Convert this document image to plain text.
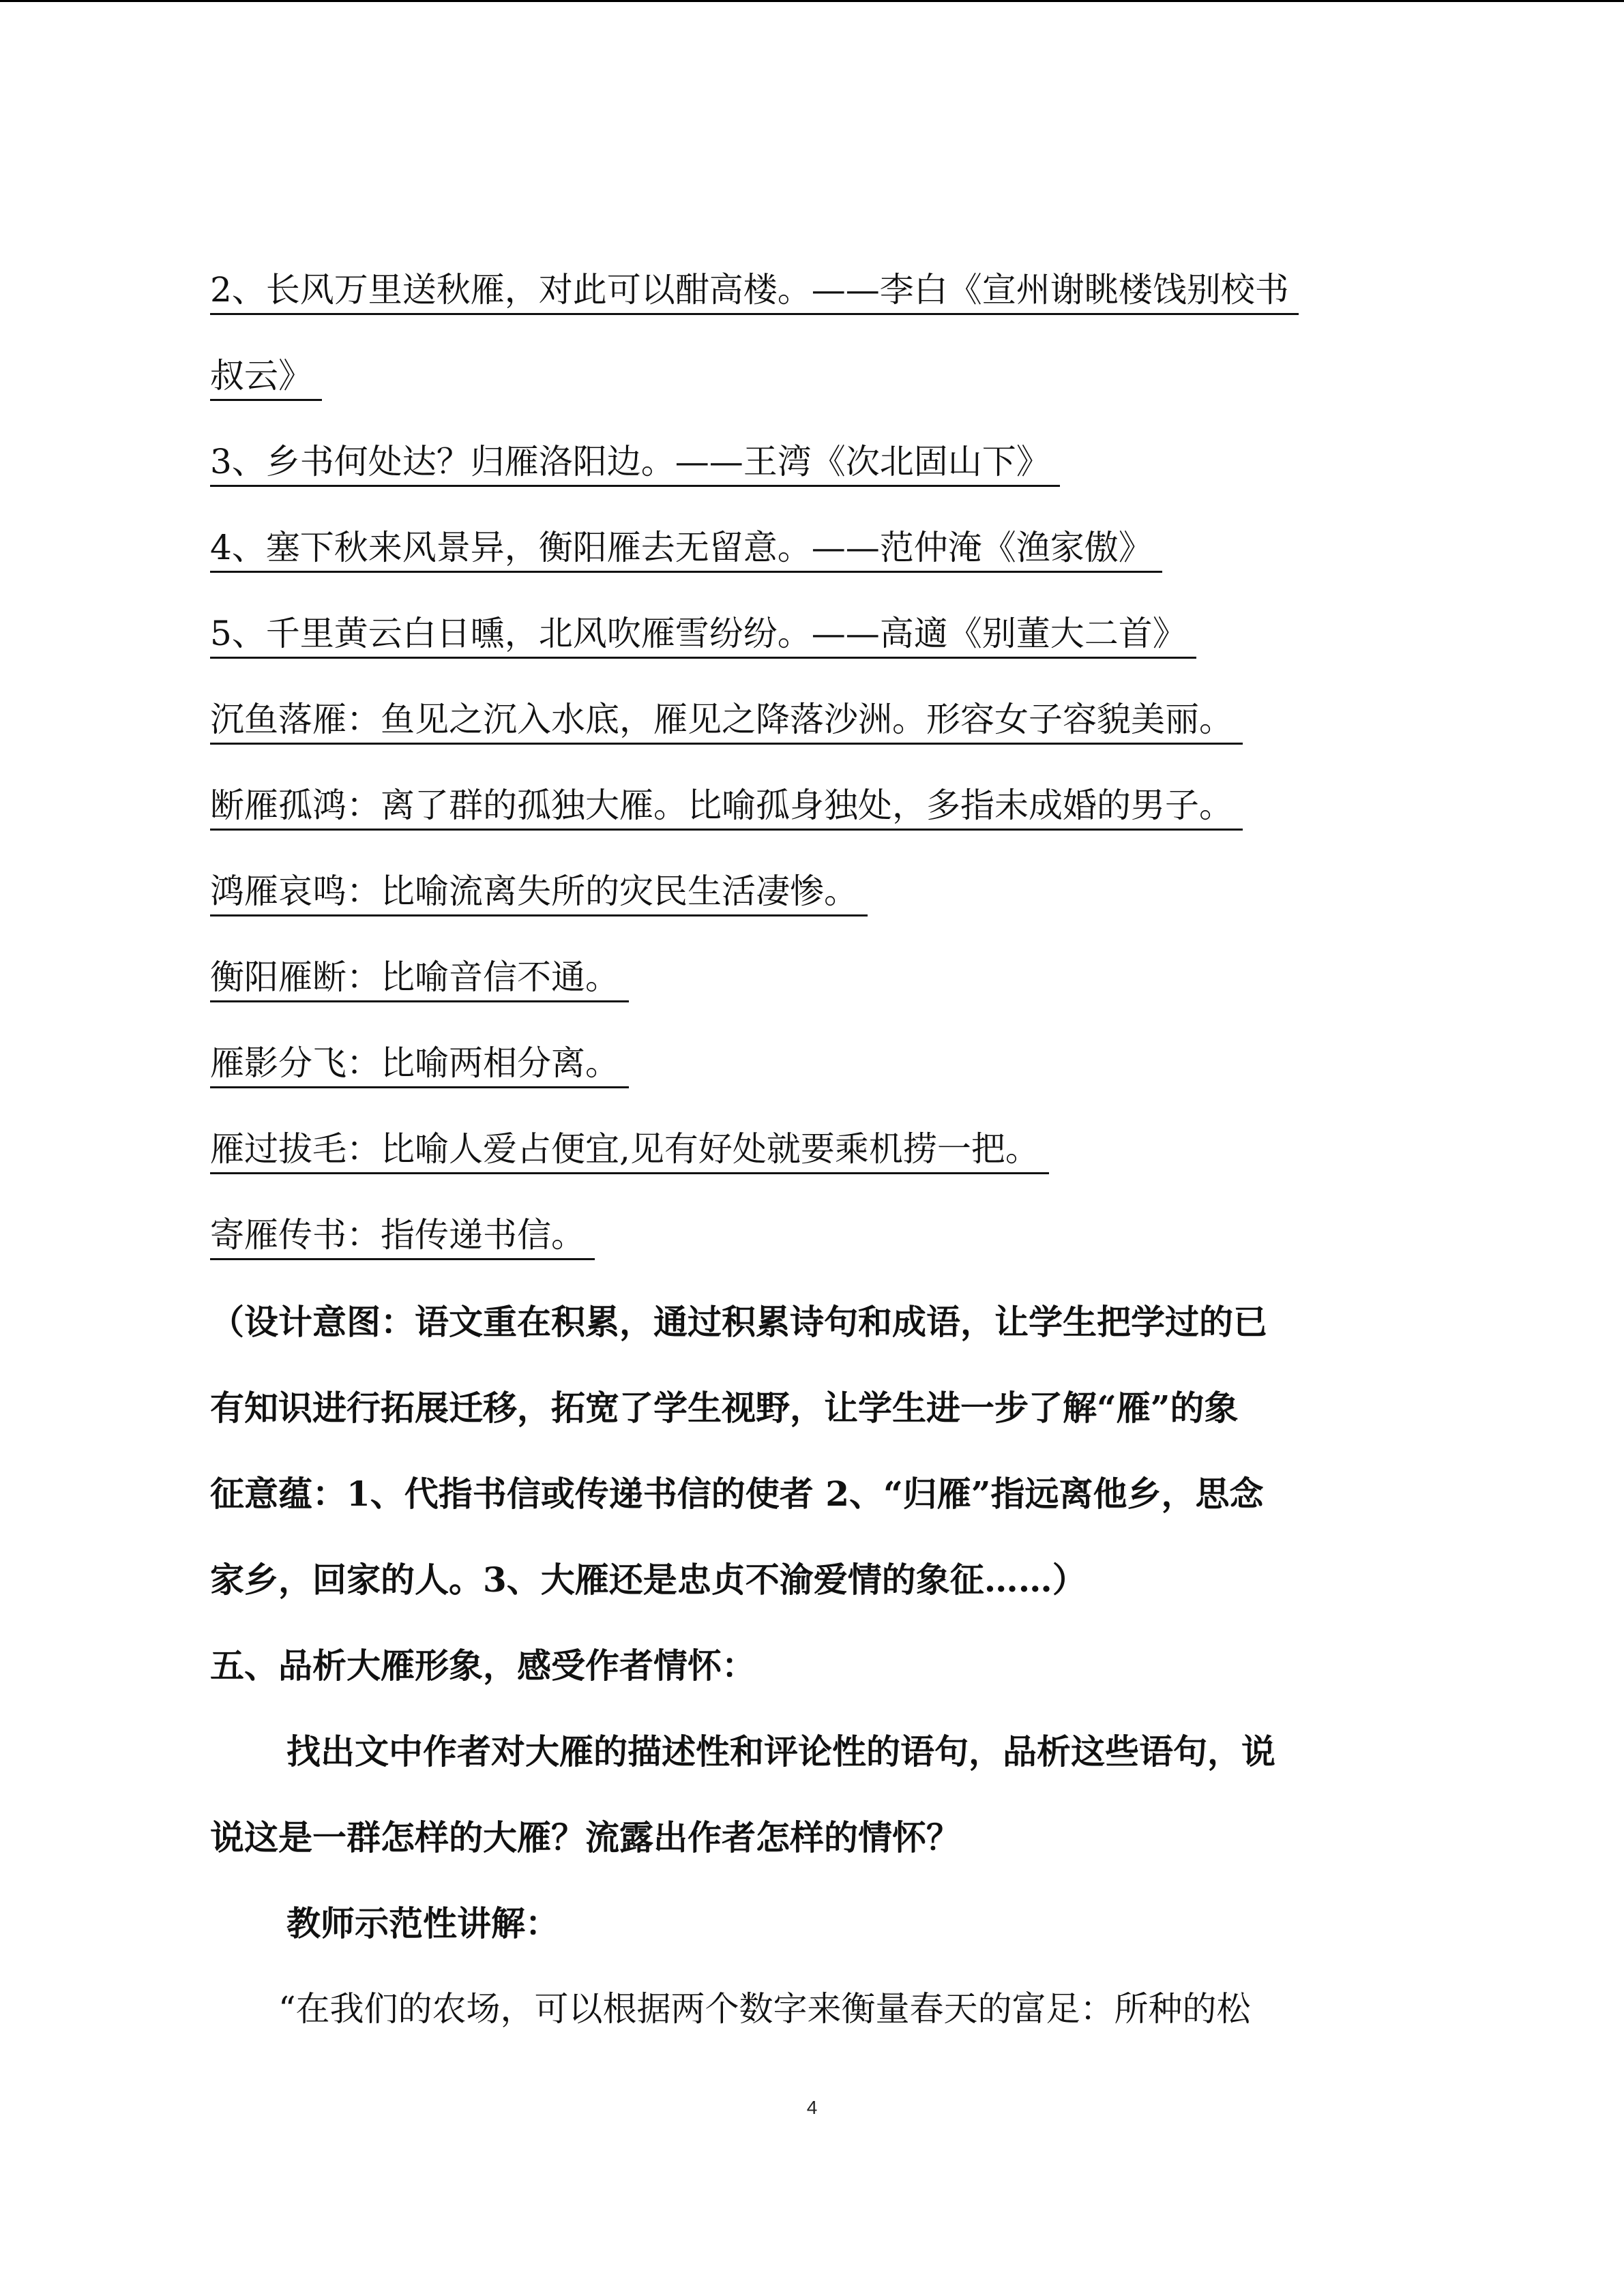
2、长风万里送秋雁，对此可以酣高楼。——李白《宣州谢眺楼饯别校书
叔云》
3、乡书何处达？归雁洛阳边。——王湾《次北固山下》
4、塞下秋来风景异，衡阳雁去无留意。——范仲淹《渔家傲》
5、千里黄云白日曛，北风吹雁雪纷纷。——高適《别董大二首》
沉鱼落雁：鱼见之沉入水底，雁见之降落沙洲。形容女子容貌美丽。
断雁孤鸿：离了群的孤独大雁。比喻孤身独处，多指未成婚的男子。
鸿雁哀鸣：比喻流离失所的灾民生活凄惨。
衡阳雁断：比喻音信不通。
雁影分飞：比喻两相分离。
雁过拔毛：比喻人爱占便宜,见有好处就要乘机捞一把。
寄雁传书：指传递书信。
（设计意图：语文重在积累，通过积累诗句和成语，让学生把学过的已
有知识进行拓展迁移，拓宽了学生视野，让学生进一步了解“雁”的象
征意蕴：1、代指书信或传递书信的使者 2、“归雁”指远离他乡，思念
家乡，回家的人。3、大雁还是忠贞不渝爱情的象征……）
五、品析大雁形象，感受作者情怀：
找出文中作者对大雁的描述性和评论性的语句，品析这些语句，说
说这是一群怎样的大雁？流露出作者怎样的情怀？
教师示范性讲解：
“在我们的农场，可以根据两个数字来衡量春天的富足：所种的松
4
